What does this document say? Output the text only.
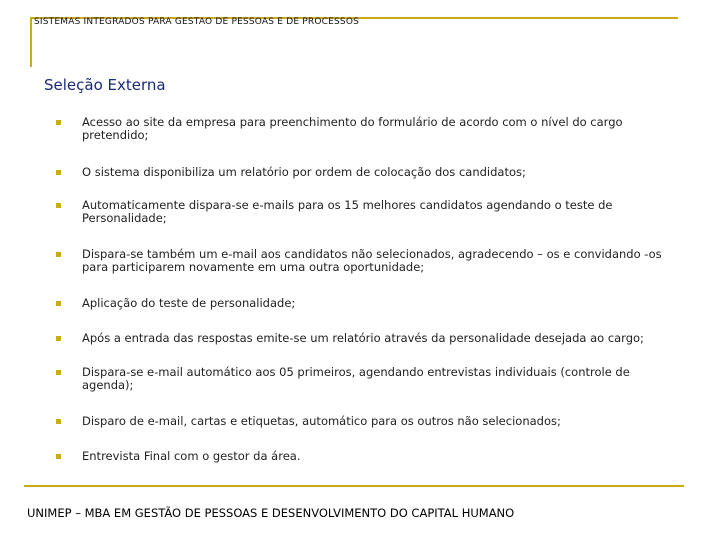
SISTEMAS INTEGRADOS PARA GESTAO DE PESSOAS E DE PROCESSOS
Seleção Externa
Acesso ao site da empresa para preenchimento do formulário de acordo com o nível do cargo pretendido;
O sistema disponibiliza um relatório por ordem de colocação dos candidatos;
Automaticamente dispara-se e-mails para os 15 melhores candidatos agendando o teste de Personalidade;
Dispara-se também um e-mail aos candidatos não selecionados, agradecendo – os e convidando -os para participarem novamente em uma outra oportunidade;
Aplicação do teste de personalidade;
Após a entrada das respostas emite-se um relatório através da personalidade desejada ao cargo;
Dispara-se e-mail automático aos 05 primeiros, agendando entrevistas individuais (controle de agenda);
Disparo de e-mail, cartas e etiquetas, automático para os outros não selecionados;
Entrevista Final com o gestor da área.
UNIMEP – MBA EM GESTÃO DE PESSOAS E DESENVOLVIMENTO DO CAPITAL HUMANO
